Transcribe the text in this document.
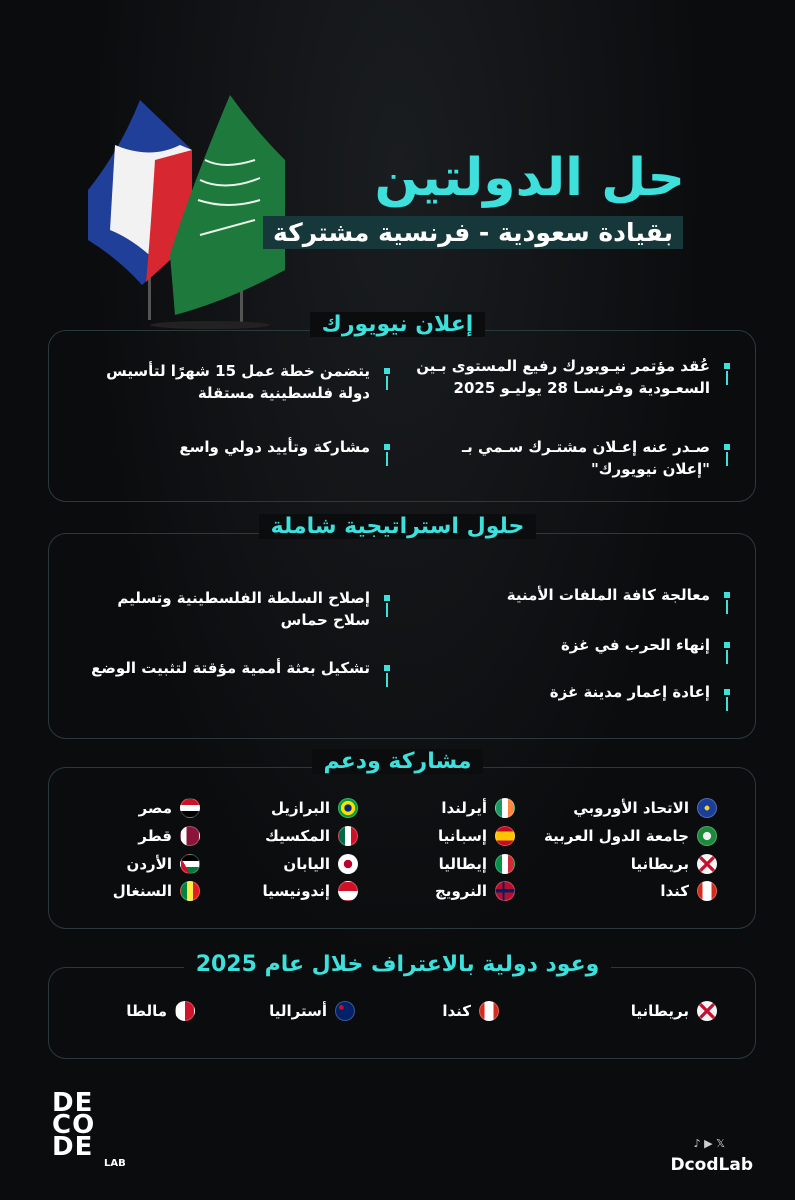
حل الدولتين
بقيادة سعودية - فرنسية مشتركة
إعلان نيويورك
عُقد مؤتمر نيـويورك رفيع المستوى بـين السعـودية وفرنسـا 28 يوليـو 2025
صـدر عنه إعـلان مشتـرك سـمي بـ "إعلان نيويورك"
يتضمن خطة عمل 15 شهرًا لتأسيس دولة فلسطينية مستقلة
مشاركة وتأييد دولي واسع
حلول استراتيجية شاملة
معالجة كافة الملفات الأمنية
إنهاء الحرب في غزة
إعادة إعمار مدينة غزة
إصلاح السلطة الفلسطينية وتسليم سلاح حماس
تشكيل بعثة أممية مؤقتة لتثبيت الوضع
مشاركة ودعم
الاتحاد الأوروبي
جامعة الدول العربية
بريطانيا
كندا
أيرلندا
إسبانيا
إيطاليا
النرويج
البرازيل
المكسيك
اليابان
إندونيسيا
مصر
قطر
الأردن
السنغال
وعود دولية بالاعتراف خلال عام 2025
بريطانيا
كندا
أستراليا
مالطا
DE
CO
DE
LAB
♪ ▶ 𝕏
DcodLab
